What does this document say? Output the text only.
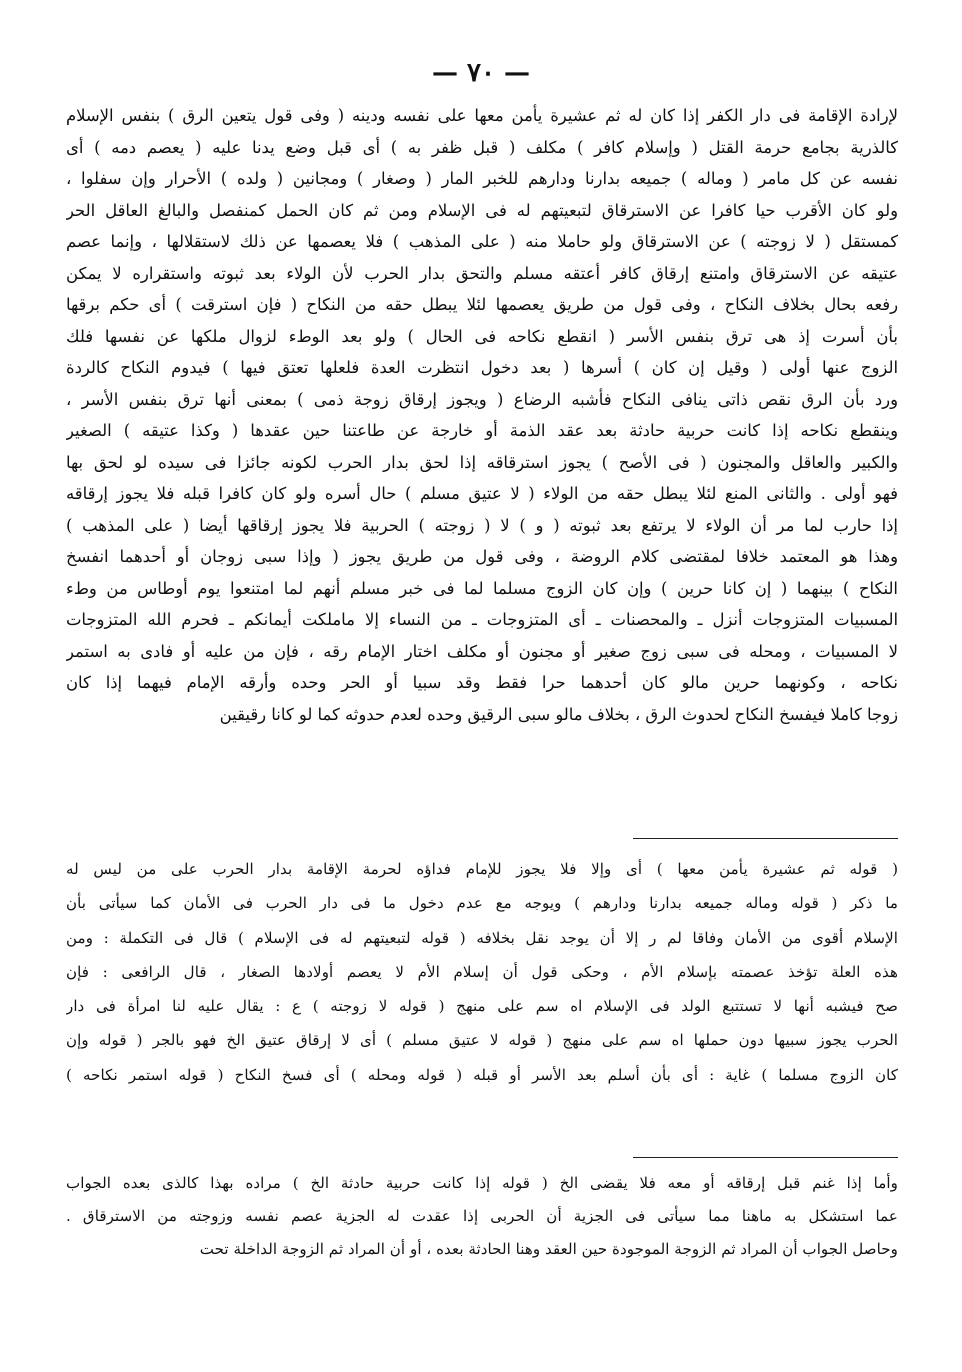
— ٧٠ —
لإرادة الإقامة فى دار الكفر إذا كان له ثم عشيرة يأمن معها على نفسه ودينه ( وفى قول يتعين الرق ) بنفس الإسلام
كالذرية بجامع حرمة القتل ( وإسلام كافر ) مكلف ( قبل ظفر به ) أى قبل وضع يدنا عليه ( يعصم دمه ) أى
نفسه عن كل مامر ( وماله ) جميعه بدارنا ودارهم للخبر المار ( وصغار ) ومجانين ( ولده ) الأحرار وإن سفلوا ،
ولو كان الأقرب حيا كافرا عن الاسترقاق لتبعيتهم له فى الإسلام ومن ثم كان الحمل كمنفصل والبالغ العاقل الحر
كمستقل ( لا زوجته ) عن الاسترقاق ولو حاملا منه ( على المذهب ) فلا يعصمها عن ذلك لاستقلالها ، وإنما عصم
عتيقه عن الاسترقاق وامتنع إرقاق كافر أعتقه مسلم والتحق بدار الحرب لأن الولاء بعد ثبوته واستقراره لا يمكن
رفعه بحال بخلاف النكاح ، وفى قول من طريق يعصمها لئلا يبطل حقه من النكاح ( فإن استرقت ) أى حكم برقها
بأن أسرت إذ هى ترق بنفس الأسر ( انقطع نكاحه فى الحال ) ولو بعد الوطء لزوال ملكها عن نفسها فلك
الزوج عنها أولى ( وقيل إن كان ) أسرها ( بعد دخول انتظرت العدة فلعلها تعتق فيها ) فيدوم النكاح كالردة
ورد بأن الرق نقص ذاتى ينافى النكاح فأشبه الرضاع ( ويجوز إرقاق زوجة ذمى ) بمعنى أنها ترق بنفس الأسر ،
وينقطع نكاحه إذا كانت حربية حادثة بعد عقد الذمة أو خارجة عن طاعتنا حين عقدها ( وكذا عتيقه ) الصغير
والكبير والعاقل والمجنون ( فى الأصح ) يجوز استرقاقه إذا لحق بدار الحرب لكونه جائزا فى سيده لو لحق بها
فهو أولى . والثانى المنع لئلا يبطل حقه من الولاء ( لا عتيق مسلم ) حال أسره ولو كان كافرا قبله فلا يجوز إرقاقه
إذا حارب لما مر أن الولاء لا يرتفع بعد ثبوته ( و ) لا ( زوجته ) الحربية فلا يجوز إرقاقها أيضا ( على المذهب )
وهذا هو المعتمد خلافا لمقتضى كلام الروضة ، وفى قول من طريق يجوز ( وإذا سبى زوجان أو أحدهما انفسخ
النكاح ) بينهما ( إن كانا حرين ) وإن كان الزوج مسلما لما فى خبر مسلم أنهم لما امتنعوا يوم أوطاس من وطء
المسبيات المتزوجات أنزل ـ والمحصنات ـ أى المتزوجات ـ من النساء إلا ماملكت أيمانكم ـ فحرم الله المتزوجات
لا المسبيات ، ومحله فى سبى زوج صغير أو مجنون أو مكلف اختار الإمام رقه ، فإن من عليه أو فادى به استمر
نكاحه ، وكونهما حرين مالو كان أحدهما حرا فقط وقد سبيا أو الحر وحده وأرقه الإمام فيهما إذا كان
زوجا كاملا فيفسخ النكاح لحدوث الرق ، بخلاف مالو سبى الرقيق وحده لعدم حدوثه كما لو كانا رقيقين
( قوله ثم عشيرة يأمن معها ) أى وإلا فلا يجوز للإمام فداؤه لحرمة الإقامة بدار الحرب على من ليس له
ما ذكر ( قوله وماله جميعه بدارنا ودارهم ) ويوجه مع عدم دخول ما فى دار الحرب فى الأمان كما سيأتى بأن
الإسلام أقوى من الأمان وفاقا لم ر إلا أن يوجد نقل بخلافه ( قوله لتبعيتهم له فى الإسلام ) قال فى التكملة : ومن
هذه العلة تؤخذ عصمته بإسلام الأم ، وحكى قول أن إسلام الأم لا يعصم أولادها الصغار ، قال الرافعى : فإن
صح فيشبه أنها لا تستتبع الولد فى الإسلام اه سم على منهج ( قوله لا زوجته ) ع : يقال عليه لنا امرأة فى دار
الحرب يجوز سبيها دون حملها اه سم على منهج ( قوله لا عتيق مسلم ) أى لا إرقاق عتيق الخ فهو بالجر ( قوله وإن
كان الزوج مسلما ) غاية : أى بأن أسلم بعد الأسر أو قبله ( قوله ومحله ) أى فسخ النكاح ( قوله استمر نكاحه )
وأما إذا غنم قبل إرقاقه أو معه فلا يقضى الخ ( قوله إذا كانت حربية حادثة الخ ) مراده بهذا كالذى بعده الجواب
عما استشكل به ماهنا مما سيأتى فى الجزية أن الحربى إذا عقدت له الجزية عصم نفسه وزوجته من الاسترقاق .
وحاصل الجواب أن المراد ثم الزوجة الموجودة حين العقد وهنا الحادثة بعده ، أو أن المراد ثم الزوجة الداخلة تحت
